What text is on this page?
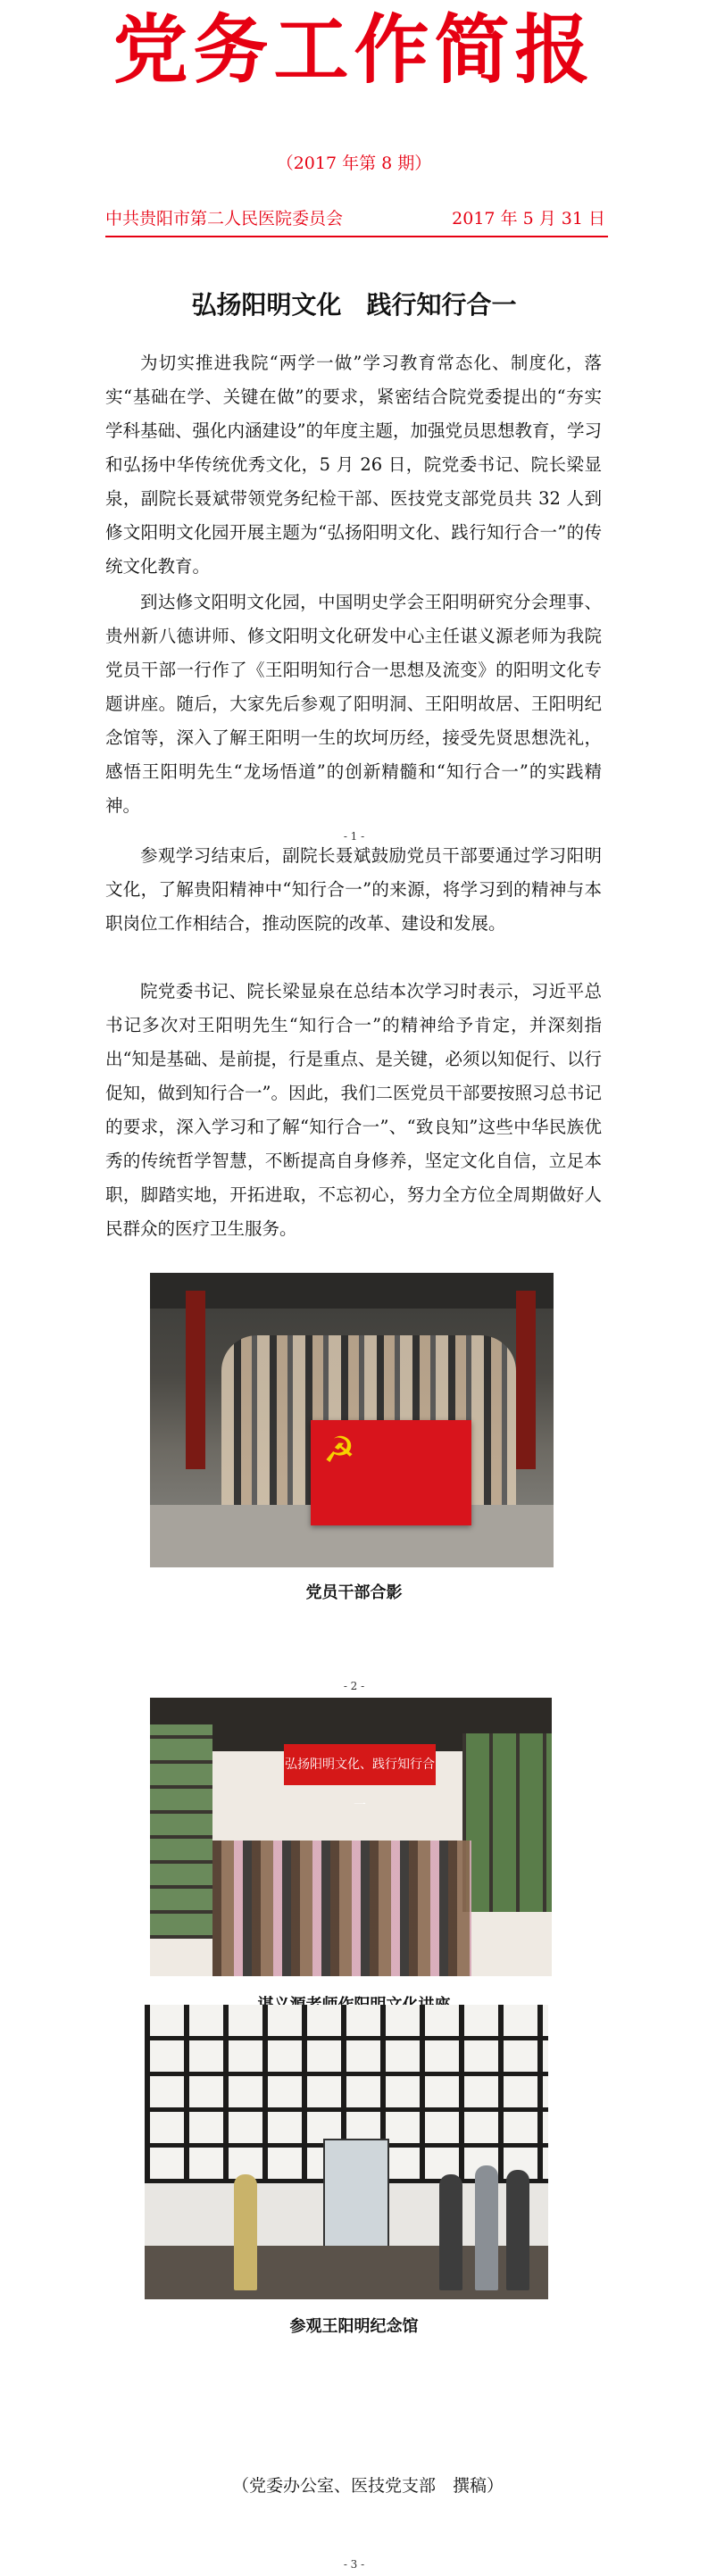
党务工作简报
（2017 年第 8 期）
中共贵阳市第二人民医院委员会	2017 年 5 月 31 日
弘扬阳明文化　践行知行合一

为切实推进我院“两学一做”学习教育常态化、制度化，落实“基础在学、关键在做”的要求，紧密结合院党委提出的“夯实学科基础、强化内涵建设”的年度主题，加强党员思想教育，学习和弘扬中华传统优秀文化，5 月 26 日，院党委书记、院长梁显泉，副院长聂斌带领党务纪检干部、医技党支部党员共 32 人到修文阳明文化园开展主题为“弘扬阳明文化、践行知行合一”的传统文化教育。

到达修文阳明文化园，中国明史学会王阳明研究分会理事、贵州新八德讲师、修文阳明文化研发中心主任谌义源老师为我院党员干部一行作了《王阳明知行合一思想及流变》的阳明文化专题讲座。随后，大家先后参观了阳明洞、王阳明故居、王阳明纪念馆等，深入了解王阳明一生的坎坷历经，接受先贤思想洗礼，感悟王阳明先生“龙场悟道”的创新精髓和“知行合一”的实践精神。

- 1 -

参观学习结束后，副院长聂斌鼓励党员干部要通过学习阳明文化，了解贵阳精神中“知行合一”的来源，将学习到的精神与本职岗位工作相结合，推动医院的改革、建设和发展。

院党委书记、院长梁显泉在总结本次学习时表示，习近平总书记多次对王阳明先生“知行合一”的精神给予肯定，并深刻指出“知是基础、是前提，行是重点、是关键，必须以知促行、以行促知，做到知行合一”。因此，我们二医党员干部要按照习总书记的要求，深入学习和了解“知行合一”、“致良知”这些中华民族优秀的传统哲学智慧，不断提高自身修养，坚定文化自信，立足本职，脚踏实地，开拓进取，不忘初心，努力全方位全周期做好人民群众的医疗卫生服务。

☭
党员干部合影
- 2 -
弘扬阳明文化、践行知行合一
参观王阳明纪念馆
（党委办公室、医技党支部　撰稿）
- 3 -
